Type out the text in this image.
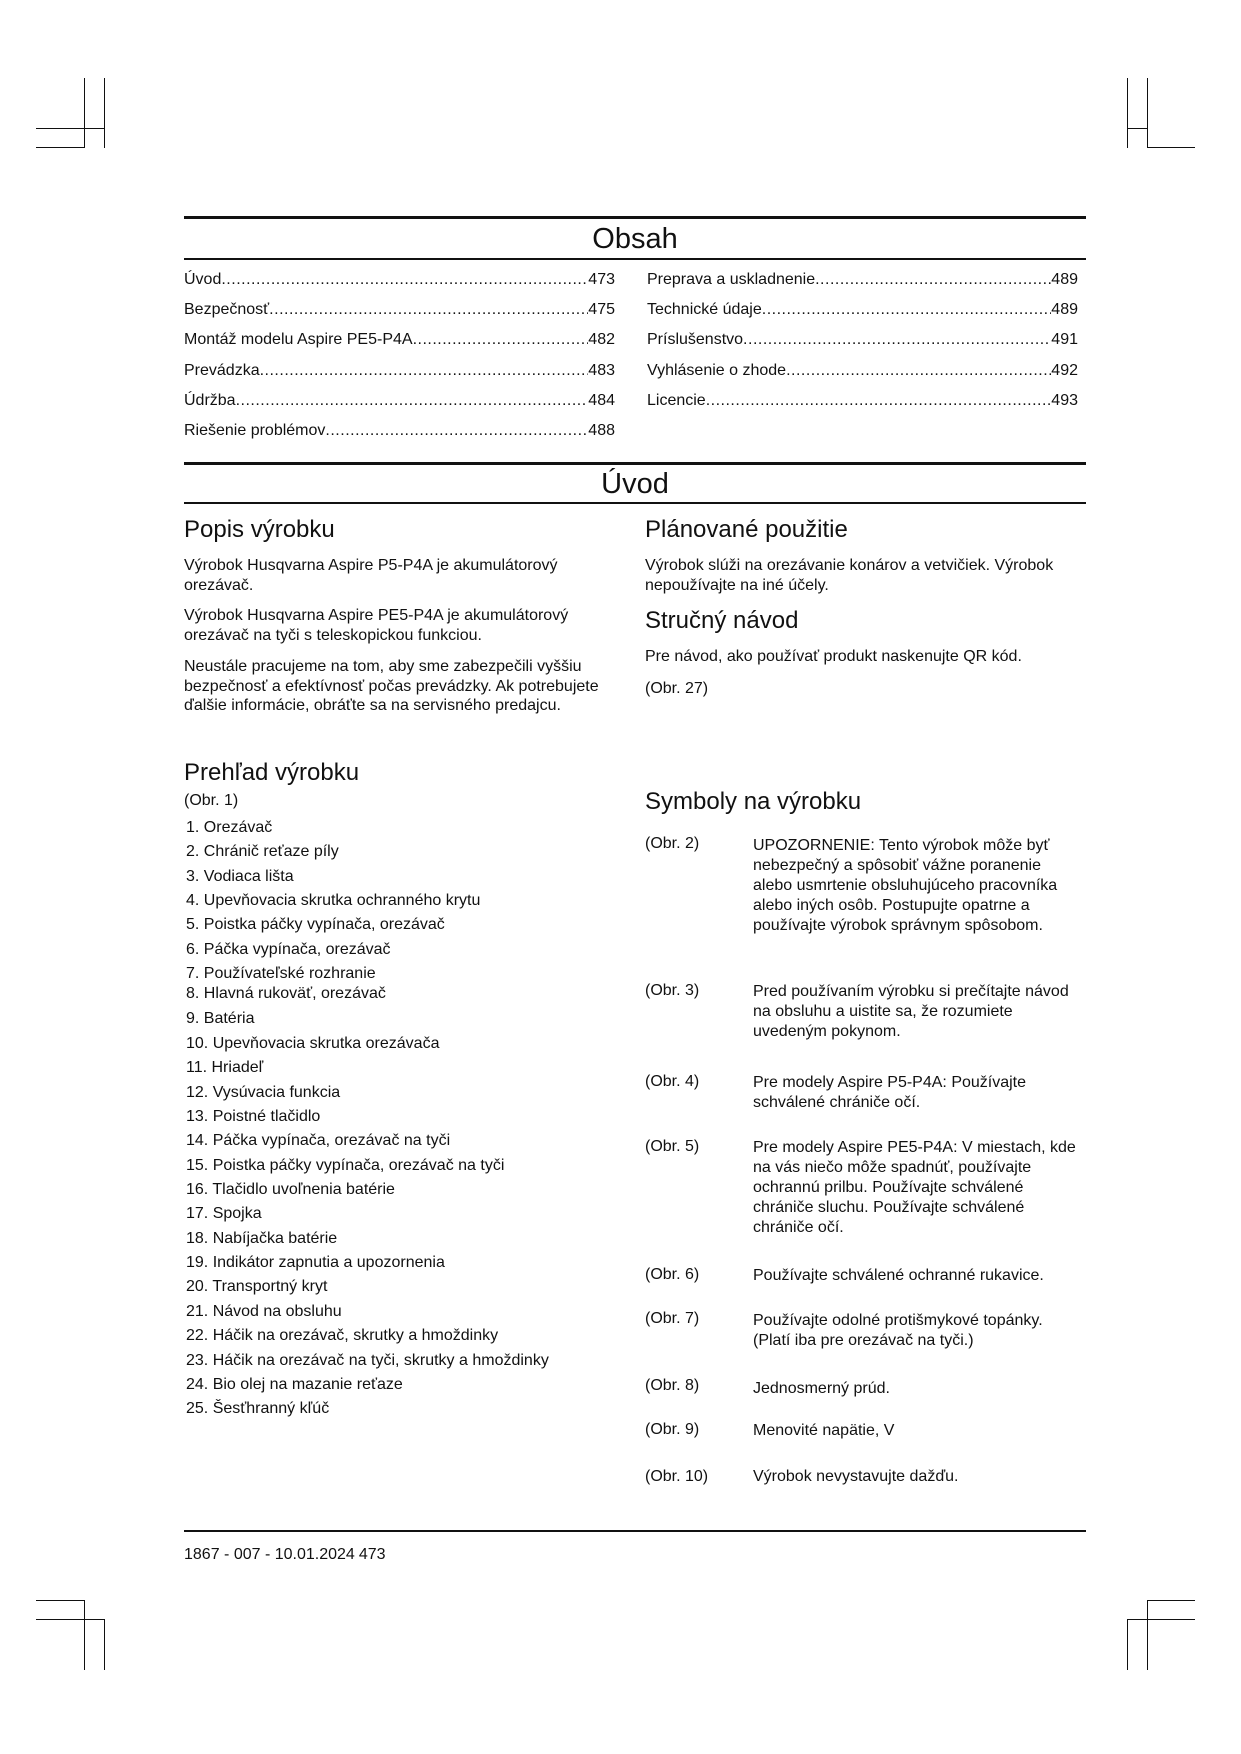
Obsah
Úvod .....	473
Bezpečnosť .....	475
Montáž modelu Aspire PE5-P4A .....	482
Prevádzka .....	483
Údržba .....	484
Riešenie problémov .....	488
Preprava a uskladnenie .....	489
Technické údaje .....	489
Príslušenstvo .....	491
Vyhlásenie o zhode .....	492
Licencie .....	493
Úvod
Popis výrobku

Výrobok Husqvarna Aspire P5-P4A je akumulátorový orezávač.

Výrobok Husqvarna Aspire PE5-P4A je akumulátorový orezávač na tyči s teleskopickou funkciou.

Neustále pracujeme na tom, aby sme zabezpečili vyššiu bezpečnosť a efektívnosť počas prevádzky. Ak potrebujete ďalšie informácie, obráťte sa na servisného predajcu.

Prehľad výrobku
(Obr. 1)
1. Orezávač
2. Chránič reťaze píly
3. Vodiaca lišta
4. Upevňovacia skrutka ochranného krytu
5. Poistka páčky vypínača, orezávač
6. Páčka vypínača, orezávač
7. Používateľské rozhranie
8. Hlavná rukoväť, orezávač
9. Batéria
10. Upevňovacia skrutka orezávača
11. Hriadeľ
12. Vysúvacia funkcia
13. Poistné tlačidlo
14. Páčka vypínača, orezávač na tyči
15. Poistka páčky vypínača, orezávač na tyči
16. Tlačidlo uvoľnenia batérie
17. Spojka
18. Nabíjačka batérie
19. Indikátor zapnutia a upozornenia
20. Transportný kryt
21. Návod na obsluhu
22. Háčik na orezávač, skrutky a hmoždinky
23. Háčik na orezávač na tyči, skrutky a hmoždinky
24. Bio olej na mazanie reťaze
25. Šesťhranný kľúč
Plánované použitie

Výrobok slúži na orezávanie konárov a vetvičiek. Výrobok nepoužívajte na iné účely.

Stručný návod

Pre návod, ako používať produkt naskenujte QR kód.

(Obr. 27)
Symboly na výrobku
(Obr. 2)	UPOZORNENIE: Tento výrobok môže byť nebezpečný a spôsobiť vážne poranenie alebo usmrtenie obsluhujúceho pracovníka alebo iných osôb. Postupujte opatrne a používajte výrobok správnym spôsobom.
(Obr. 3)	Pred používaním výrobku si prečítajte návod na obsluhu a uistite sa, že rozumiete uvedeným pokynom.
(Obr. 4)	Pre modely Aspire P5-P4A: Používajte schválené chrániče očí.
(Obr. 5)	Pre modely Aspire PE5-P4A: V miestach, kde na vás niečo môže spadnúť, používajte ochrannú prilbu. Používajte schválené chrániče sluchu. Používajte schválené chrániče očí.
(Obr. 6)	Používajte schválené ochranné rukavice.
(Obr. 7)	Používajte odolné protišmykové topánky. (Platí iba pre orezávač na tyči.)
(Obr. 8)	Jednosmerný prúd.
(Obr. 9)	Menovité napätie, V
(Obr. 10)	Výrobok nevystavujte dažďu.
1867 - 007 - 10.01.2024 473
